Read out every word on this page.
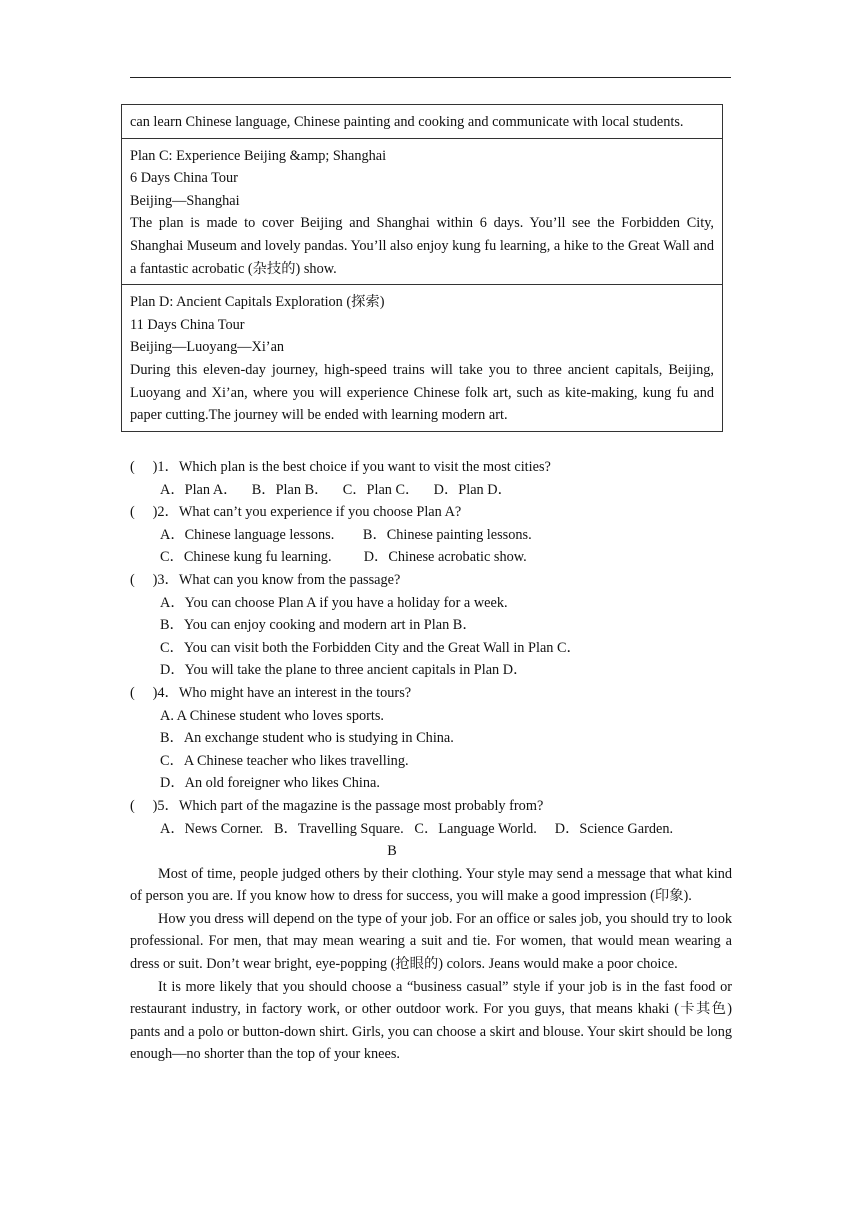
can learn Chinese language, Chinese painting and cooking and communicate with local students.

Plan C: Experience Beijing &amp; Shanghai

6 Days China Tour

Beijing—Shanghai

The plan is made to cover Beijing and Shanghai within 6 days. You’ll see the Forbidden City, Shanghai Museum and lovely pandas. You’ll also enjoy kung fu learning, a hike to the Great Wall and a fantastic acrobatic (杂技的) show.

Plan D: Ancient Capitals Exploration (探索)

11 Days China Tour

Beijing—Luoyang—Xi’an

During this eleven-day journey, high-speed trains will take you to three ancient capitals, Beijing, Luoyang and Xi’an, where you will experience Chinese folk art, such as kite-making, kung fu and paper cutting.The journey will be ended with learning modern art.

(     )1．Which plan is the best choice if you want to visit the most cities?

A．Plan A．    B．Plan B．    C．Plan C．    D．Plan D．

(     )2．What can’t you experience if you choose Plan A?

A．Chinese language lessons.        B．Chinese painting lessons.

C．Chinese kung fu learning.         D．Chinese acrobatic show.

(     )3．What can you know from the passage?

A．You can choose Plan A if you have a holiday for a week.

B．You can enjoy cooking and modern art in Plan B．

C．You can visit both the Forbidden City and the Great Wall in Plan C．

D．You will take the plane to three ancient capitals in Plan D．

(     )4．Who might have an interest in the tours?

A. A Chinese student who loves sports.

B．An exchange student who is studying in China.

C．A Chinese teacher who likes travelling.

D．An old foreigner who likes China.

(     )5．Which part of the magazine is the passage most probably from?

A．News Corner.   B．Travelling Square.   C．Language World.     D．Science Garden.

B

Most of time, people judged others by their clothing. Your style may send a message that what kind of person you are. If you know how to dress for success, you will make a good impression (印象).

How you dress will depend on the type of your job. For an office or sales job, you should try to look professional. For men, that may mean wearing a suit and tie. For women, that would mean wearing a dress or suit. Don’t wear bright, eye-popping (抢眼的) colors. Jeans would make a poor choice.

It is more likely that you should choose a “business casual” style if your job is in the fast food or restaurant industry, in factory work, or other outdoor work. For you guys, that means khaki (卡其色) pants and a polo or button-down shirt. Girls, you can choose a skirt and blouse. Your skirt should be long enough—no shorter than the top of your knees.
